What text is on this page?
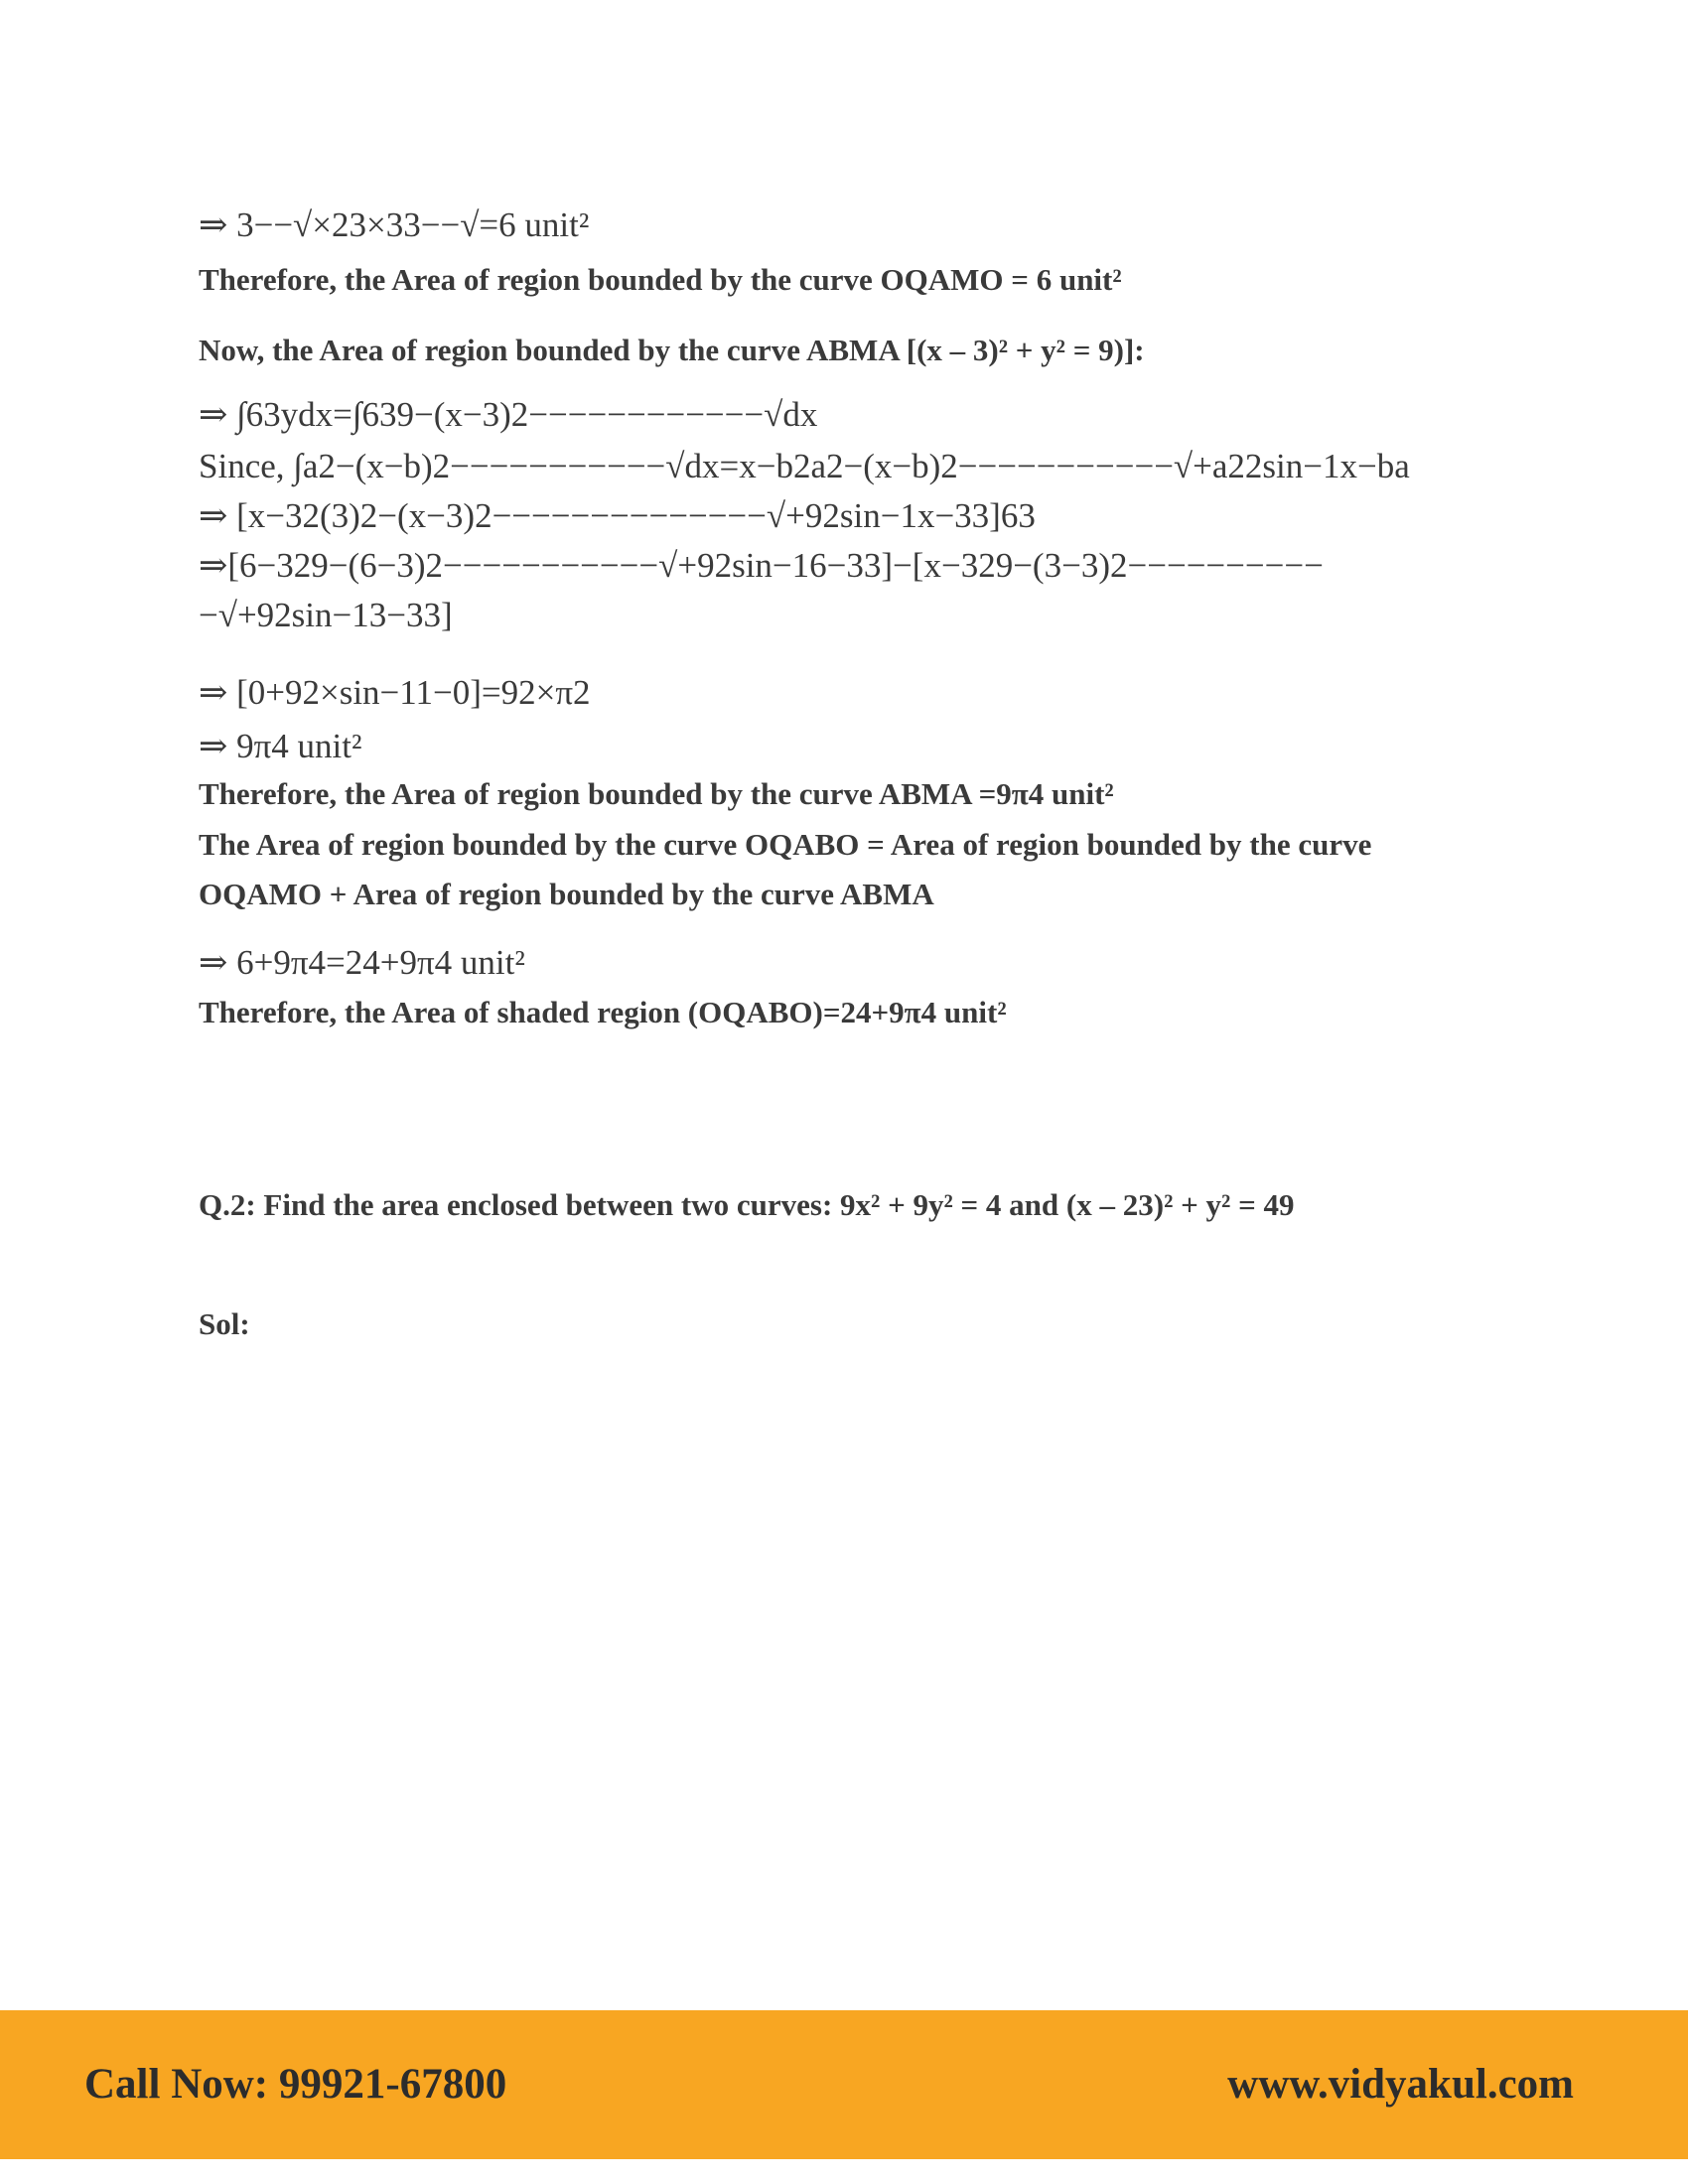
⇒ 3−−√×23×33−−√=6 unit²
Therefore, the Area of region bounded by the curve OQAMO = 6 unit²
Now, the Area of region bounded by the curve ABMA [(x – 3)² + y² = 9)]:
⇒ ∫63ydx=∫639−(x−3)2−−−−−−−−−−−−√dx
Since, ∫a2−(x−b)2−−−−−−−−−−−√dx=x−b2a2−(x−b)2−−−−−−−−−−−√+a22sin−1x−ba
⇒ [x−32(3)2−(x−3)2−−−−−−−−−−−−−−√+92sin−1x−33]63
⇒[6−329−(6−3)2−−−−−−−−−−−√+92sin−16−33]−[x−329−(3−3)2−−−−−−−−−−−√+92sin−13−33]
⇒ [0+92×sin−11−0]=92×π2
⇒ 9π4 unit²
Therefore, the Area of region bounded by the curve ABMA =9π4 unit²
The Area of region bounded by the curve OQABO = Area of region bounded by the curve OQAMO + Area of region bounded by the curve ABMA
⇒ 6+9π4=24+9π4 unit²
Therefore, the Area of shaded region (OQABO)=24+9π4 unit²
Q.2: Find the area enclosed between two curves: 9x² + 9y² = 4 and (x – 23)² + y² = 49
Sol:
Call Now: 99921-67800	www.vidyakul.com
